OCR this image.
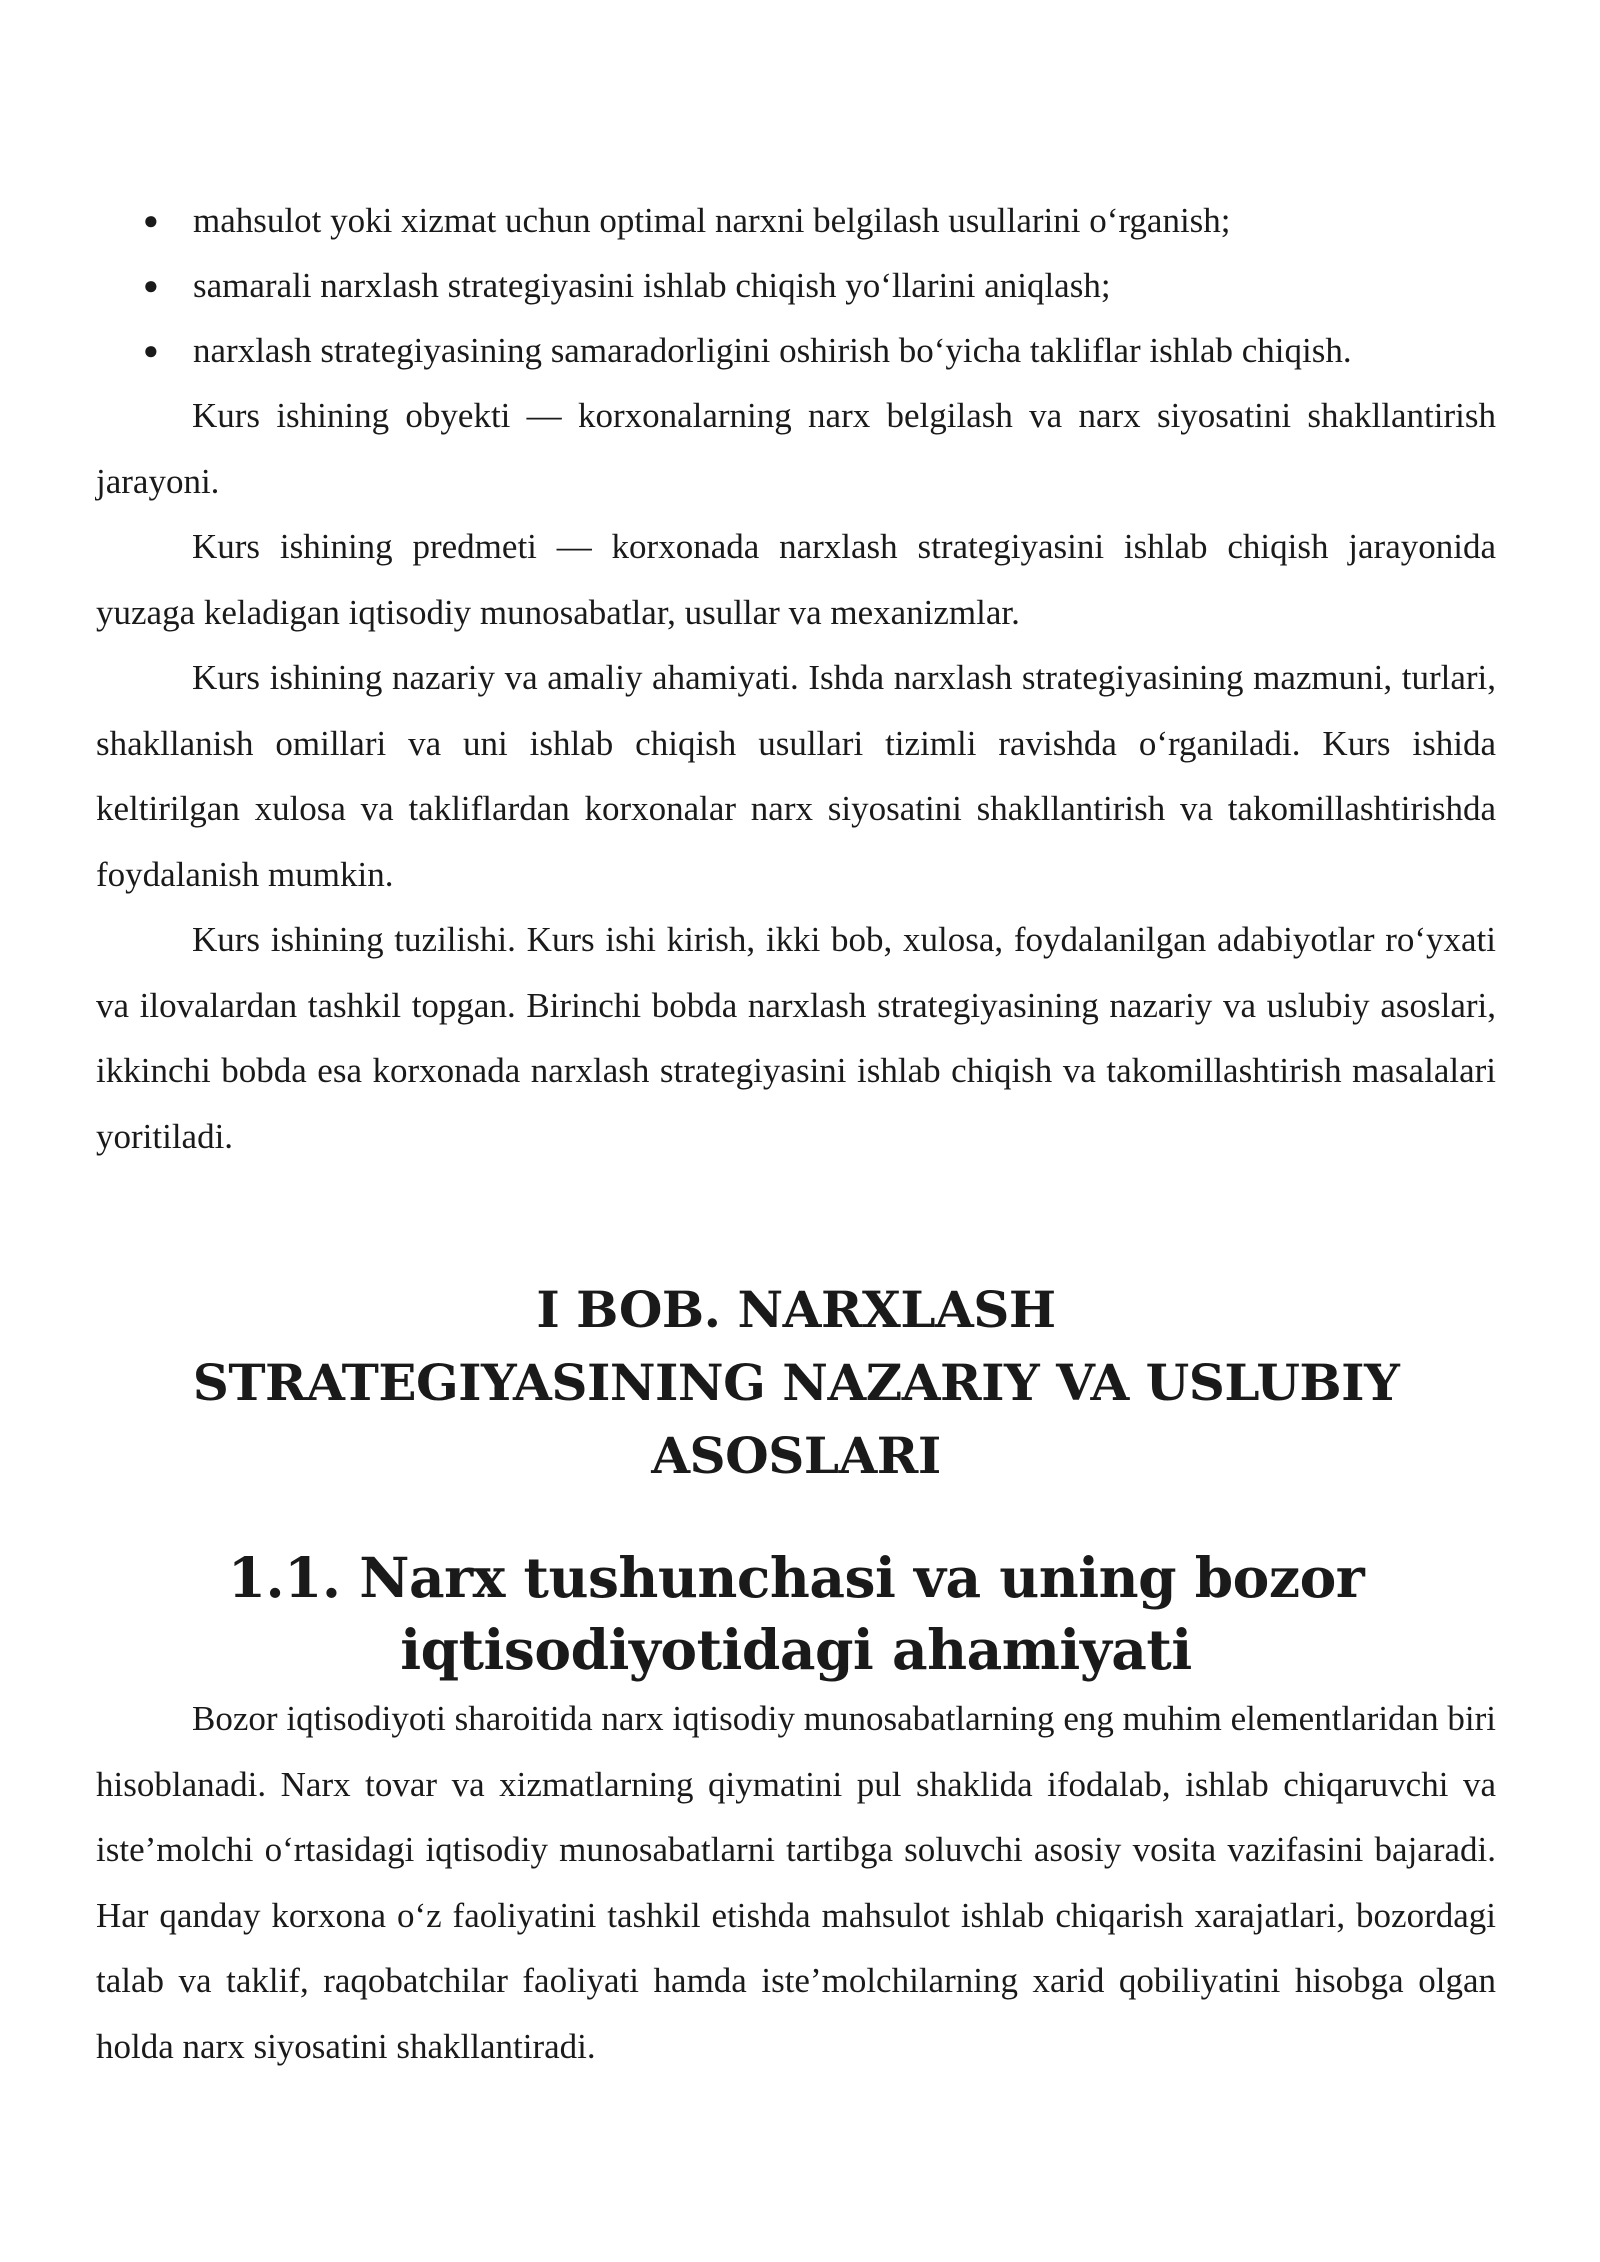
● mahsulot yoki xizmat uchun optimal narxni belgilash usullarini o‘rganish;
● samarali narxlash strategiyasini ishlab chiqish yo‘llarini aniqlash;
● narxlash strategiyasining samaradorligini oshirish bo‘yicha takliflar ishlab chiqish.

Kurs ishining obyekti — korxonalarning narx belgilash va narx siyosatini shakllantirish jarayoni.

Kurs ishining predmeti — korxonada narxlash strategiyasini ishlab chiqish jarayonida yuzaga keladigan iqtisodiy munosabatlar, usullar va mexanizmlar.

Kurs ishining nazariy va amaliy ahamiyati. Ishda narxlash strategiyasining mazmuni, turlari, shakllanish omillari va uni ishlab chiqish usullari tizimli ravishda o‘rganiladi. Kurs ishida keltirilgan xulosa va takliflardan korxonalar narx siyosatini shakllantirish va takomillashtirishda foydalanish mumkin.

Kurs ishining tuzilishi. Kurs ishi kirish, ikki bob, xulosa, foydalanilgan adabiyotlar ro‘yxati va ilovalardan tashkil topgan. Birinchi bobda narxlash strategiyasining nazariy va uslubiy asoslari, ikkinchi bobda esa korxonada narxlash strategiyasini ishlab chiqish va takomillashtirish masalalari yoritiladi.

I BOB. NARXLASH
STRATEGIYASINING NAZARIY VA USLUBIY
ASOSLARI
1.1. Narx tushunchasi va uning bozor
iqtisodiyotidagi ahamiyati

Bozor iqtisodiyoti sharoitida narx iqtisodiy munosabatlarning eng muhim elementlaridan biri hisoblanadi. Narx tovar va xizmatlarning qiymatini pul shaklida ifodalab, ishlab chiqaruvchi va iste’molchi o‘rtasidagi iqtisodiy munosabatlarni tartibga soluvchi asosiy vosita vazifasini bajaradi. Har qanday korxona o‘z faoliyatini tashkil etishda mahsulot ishlab chiqarish xarajatlari, bozordagi talab va taklif, raqobatchilar faoliyati hamda iste’molchilarning xarid qobiliyatini hisobga olgan holda narx siyosatini shakllantiradi.
